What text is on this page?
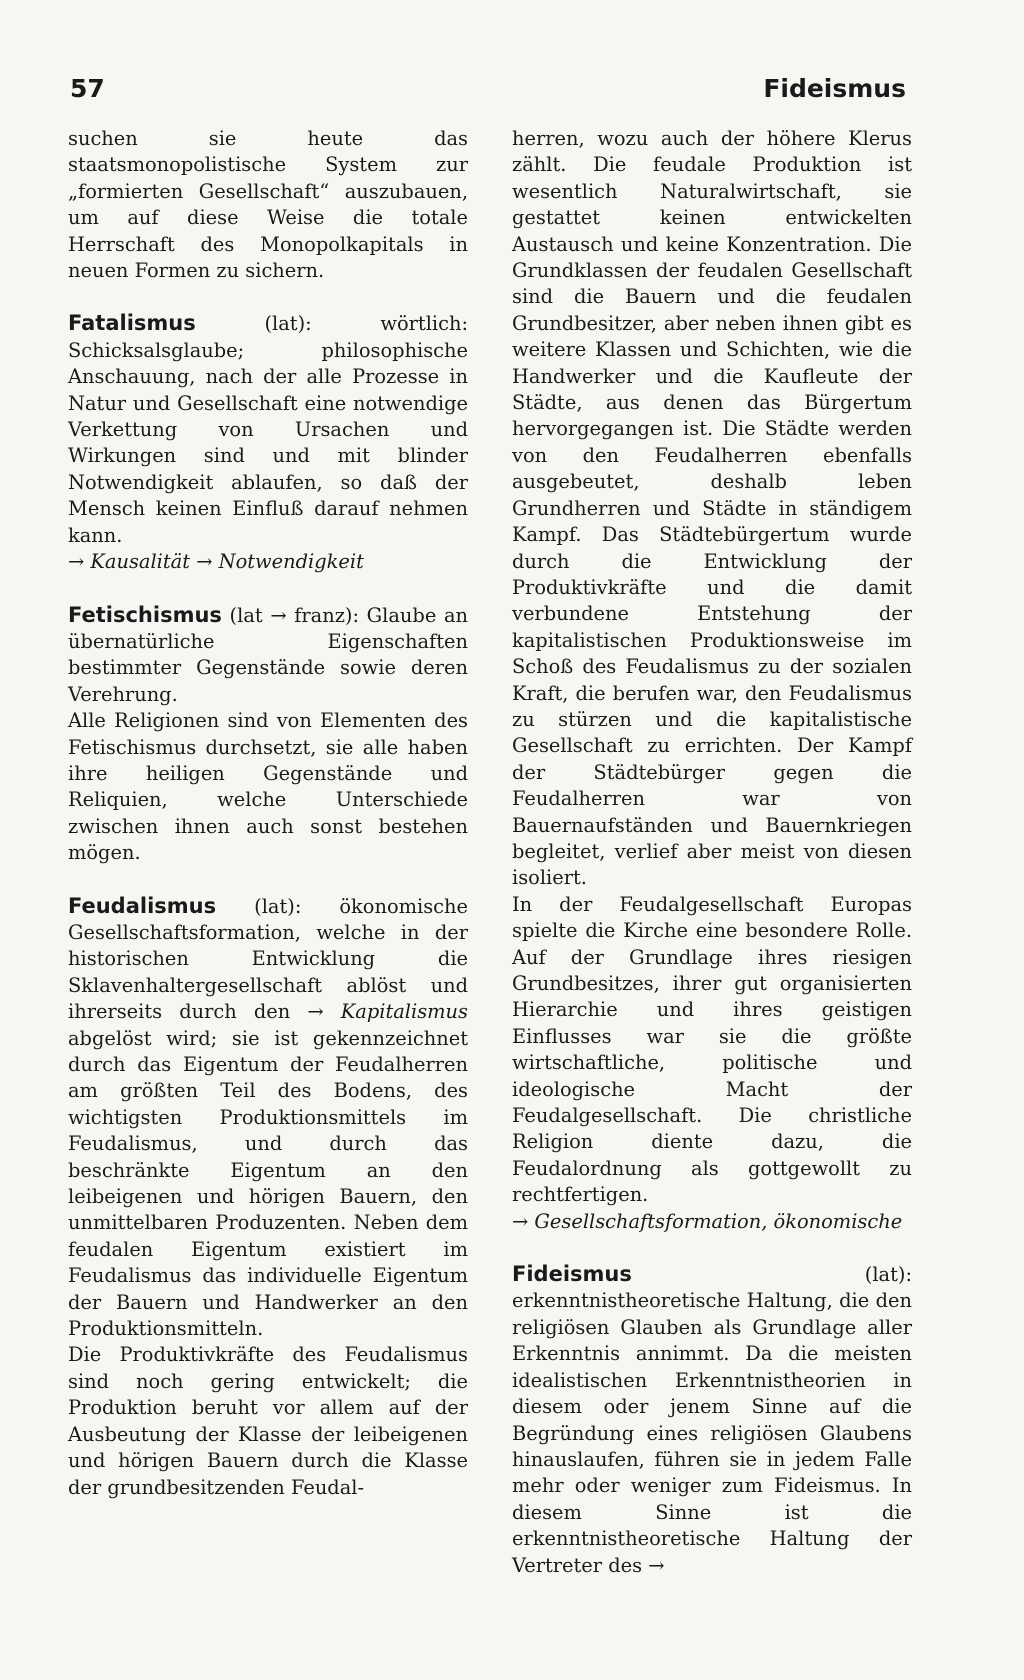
57	Fideismus

suchen sie heute das staatsmonopolistische System zur „formierten Gesellschaft“ auszubauen, um auf diese Weise die totale Herrschaft des Monopolkapitals in neuen Formen zu sichern.

Fatalismus (lat): wörtlich: Schicksalsglaube; philosophische Anschauung, nach der alle Prozesse in Natur und Gesellschaft eine notwendige Verkettung von Ursachen und Wirkungen sind und mit blinder Notwendigkeit ablaufen, so daß der Mensch keinen Einfluß darauf nehmen kann.

→ Kausalität → Notwendigkeit

Fetischismus (lat → franz): Glaube an übernatürliche Eigenschaften bestimmter Gegenstände sowie deren Verehrung.

Alle Religionen sind von Elementen des Fetischismus durchsetzt, sie alle haben ihre heiligen Gegenstände und Reliquien, welche Unterschiede zwischen ihnen auch sonst bestehen mögen.

Feudalismus (lat): ökonomische Gesellschaftsformation, welche in der historischen Entwicklung die Sklavenhaltergesellschaft ablöst und ihrerseits durch den → Kapitalismus abgelöst wird; sie ist gekennzeichnet durch das Eigentum der Feudalherren am größten Teil des Bodens, des wichtigsten Produktionsmittels im Feudalismus, und durch das beschränkte Eigentum an den leibeigenen und hörigen Bauern, den unmittelbaren Produzenten. Neben dem feudalen Eigentum existiert im Feudalismus das individuelle Eigentum der Bauern und Handwerker an den Produktionsmitteln.

Die Produktivkräfte des Feudalismus sind noch gering entwickelt; die Produktion beruht vor allem auf der Ausbeutung der Klasse der leibeigenen und hörigen Bauern durch die Klasse der grundbesitzenden Feudal-

herren, wozu auch der höhere Klerus zählt. Die feudale Produktion ist wesentlich Naturalwirtschaft, sie gestattet keinen entwickelten Austausch und keine Konzentration. Die Grundklassen der feudalen Gesellschaft sind die Bauern und die feudalen Grundbesitzer, aber neben ihnen gibt es weitere Klassen und Schichten, wie die Handwerker und die Kaufleute der Städte, aus denen das Bürgertum hervorgegangen ist. Die Städte werden von den Feudalherren ebenfalls ausgebeutet, deshalb leben Grundherren und Städte in ständigem Kampf. Das Städtebürgertum wurde durch die Entwicklung der Produktivkräfte und die damit verbundene Entstehung der kapitalistischen Produktionsweise im Schoß des Feudalismus zu der sozialen Kraft, die berufen war, den Feudalismus zu stürzen und die kapitalistische Gesellschaft zu errichten. Der Kampf der Städtebürger gegen die Feudalherren war von Bauernaufständen und Bauernkriegen begleitet, verlief aber meist von diesen isoliert.

In der Feudalgesellschaft Europas spielte die Kirche eine besondere Rolle. Auf der Grundlage ihres riesigen Grundbesitzes, ihrer gut organisierten Hierarchie und ihres geistigen Einflusses war sie die größte wirtschaftliche, politische und ideologische Macht der Feudalgesellschaft. Die christliche Religion diente dazu, die Feudalordnung als gottgewollt zu rechtfertigen.

→ Gesellschaftsformation, ökonomische

Fideismus (lat): erkenntnistheoretische Haltung, die den religiösen Glauben als Grundlage aller Erkenntnis annimmt. Da die meisten idealistischen Erkenntnistheorien in diesem oder jenem Sinne auf die Begründung eines religiösen Glaubens hinauslaufen, führen sie in jedem Falle mehr oder weniger zum Fideismus. In diesem Sinne ist die erkenntnistheoretische Haltung der Vertreter des →
